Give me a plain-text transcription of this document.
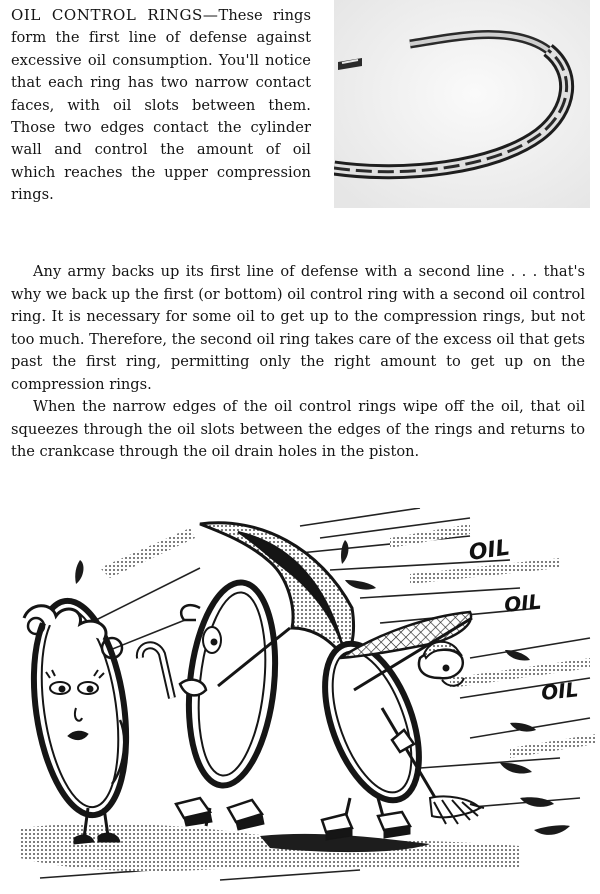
OIL CONTROL RINGS—These rings form the first line of defense against excessive oil consumption. You'll notice that each ring has two narrow contact faces, with oil slots between them. Those two edges contact the cylinder wall and control the amount of oil which reaches the upper compression rings.

Any army backs up its first line of defense with a second line . . . that's why we back up the first (or bottom) oil control ring with a second oil control ring. It is necessary for some oil to get up to the compression rings, but not too much. Therefore, the second oil ring takes care of the excess oil that gets past the first ring, permitting only the right amount to get up on the compression rings.

When the narrow edges of the oil control rings wipe off the oil, that oil squeezes through the oil slots between the edges of the rings and returns to the crankcase through the oil drain holes in the piston.

OIL
OIL
OIL
